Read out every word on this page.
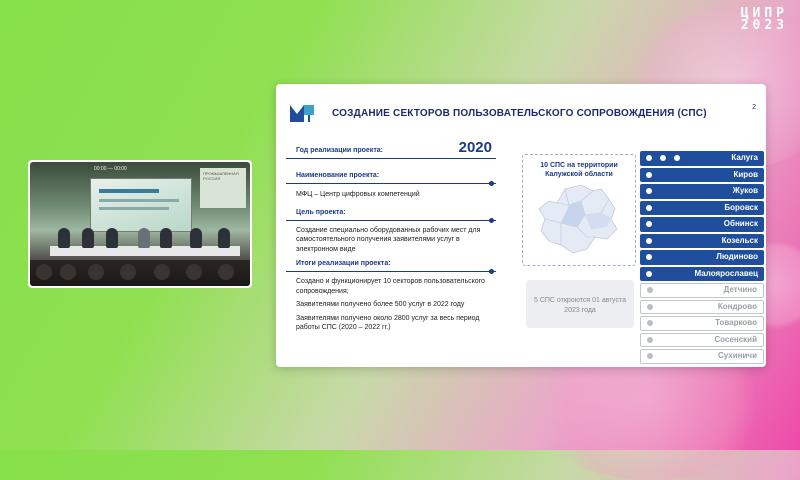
ЦИПР
2023
00:00 — 00:00
ПРОМЫШЛЕННАЯ РОССИЯ
СОЗДАНИЕ СЕКТОРОВ ПОЛЬЗОВАТЕЛЬСКОГО СОПРОВОЖДЕНИЯ (СПС)
2
Год реализации проекта:	2020
Наименование проекта:
МФЦ – Центр цифровых компетенций
Цель проекта:
Создание специально оборудованных рабочих мест для самостоятельного получения заявителями услуг в электронном виде
Итоги реализации проекта:
Создано и функционирует 10 секторов пользовательского сопровождения;
Заявителями получено более 500 услуг в 2022 году
Заявителями получено около 2800 услуг за весь период работы СПС (2020 – 2022 гг.)
10 СПС на территории Калужской области
5 СПС откроются 01 августа 2023 года
Калуга
Киров
Жуков
Боровск
Обнинск
Козельск
Людиново
Малоярославец
Детчино
Кондрово
Товарково
Сосенский
Сухиничи
